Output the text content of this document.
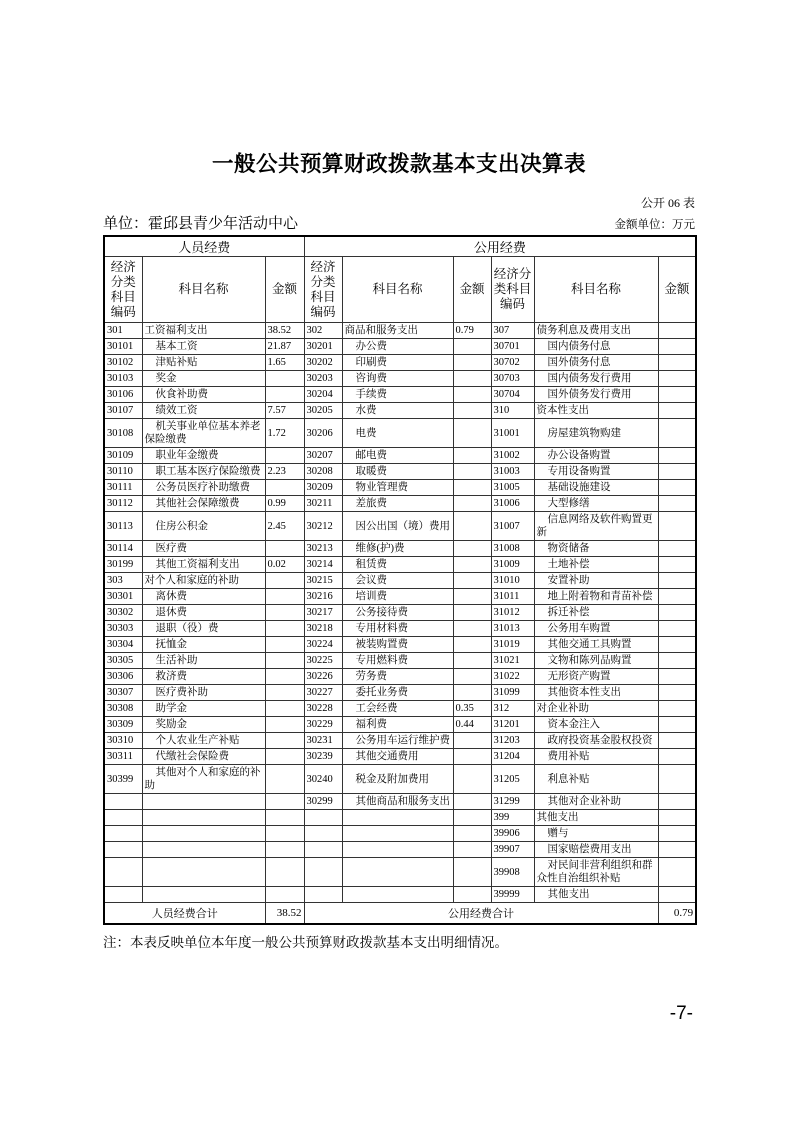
一般公共预算财政拨款基本支出决算表
公开 06 表
单位：霍邱县青少年活动中心	金额单位：万元
人员经费			公用经费					
经济分类科目编码	科目名称	金额	经济分类科目编码	科目名称	金额	经济分类科目编码	科目名称	金额
301	工资福利支出	38.52	302	商品和服务支出	0.79	307	债务利息及费用支出	
30101	基本工资	21.87	30201	办公费		30701	国内债务付息	
30102	津贴补贴	1.65	30202	印刷费		30702	国外债务付息	
30103	奖金		30203	咨询费		30703	国内债务发行费用	
30106	伙食补助费		30204	手续费		30704	国外债务发行费用	
30107	绩效工资	7.57	30205	水费		310	资本性支出	
30108	机关事业单位基本养老保险缴费	1.72	30206	电费		31001	房屋建筑物购建	
30109	职业年金缴费		30207	邮电费		31002	办公设备购置	
30110	职工基本医疗保险缴费	2.23	30208	取暖费		31003	专用设备购置	
30111	公务员医疗补助缴费		30209	物业管理费		31005	基础设施建设	
30112	其他社会保障缴费	0.99	30211	差旅费		31006	大型修缮	
30113	住房公积金	2.45	30212	因公出国（境）费用		31007	信息网络及软件购置更新	
30114	医疗费		30213	维修(护)费		31008	物资储备	
30199	其他工资福利支出	0.02	30214	租赁费		31009	土地补偿	
303	对个人和家庭的补助		30215	会议费		31010	安置补助	
30301	离休费		30216	培训费		31011	地上附着物和青苗补偿	
30302	退休费		30217	公务接待费		31012	拆迁补偿	
30303	退职（役）费		30218	专用材料费		31013	公务用车购置	
30304	抚恤金		30224	被装购置费		31019	其他交通工具购置	
30305	生活补助		30225	专用燃料费		31021	文物和陈列品购置	
30306	救济费		30226	劳务费		31022	无形资产购置	
30307	医疗费补助		30227	委托业务费		31099	其他资本性支出	
30308	助学金		30228	工会经费	0.35	312	对企业补助	
30309	奖励金		30229	福利费	0.44	31201	资本金注入	
30310	个人农业生产补贴		30231	公务用车运行维护费		31203	政府投资基金股权投资	
30311	代缴社会保险费		30239	其他交通费用		31204	费用补贴	
30399	其他对个人和家庭的补助		30240	税金及附加费用		31205	利息补贴	
			30299	其他商品和服务支出		31299	其他对企业补助	
						399	其他支出	
						39906	赠与	
						39907	国家赔偿费用支出	
						39908	对民间非营利组织和群众性自治组织补贴	
						39999	其他支出	
人员经费合计		38.52	公用经费合计					0.79
注：本表反映单位本年度一般公共预算财政拨款基本支出明细情况。
-7-
